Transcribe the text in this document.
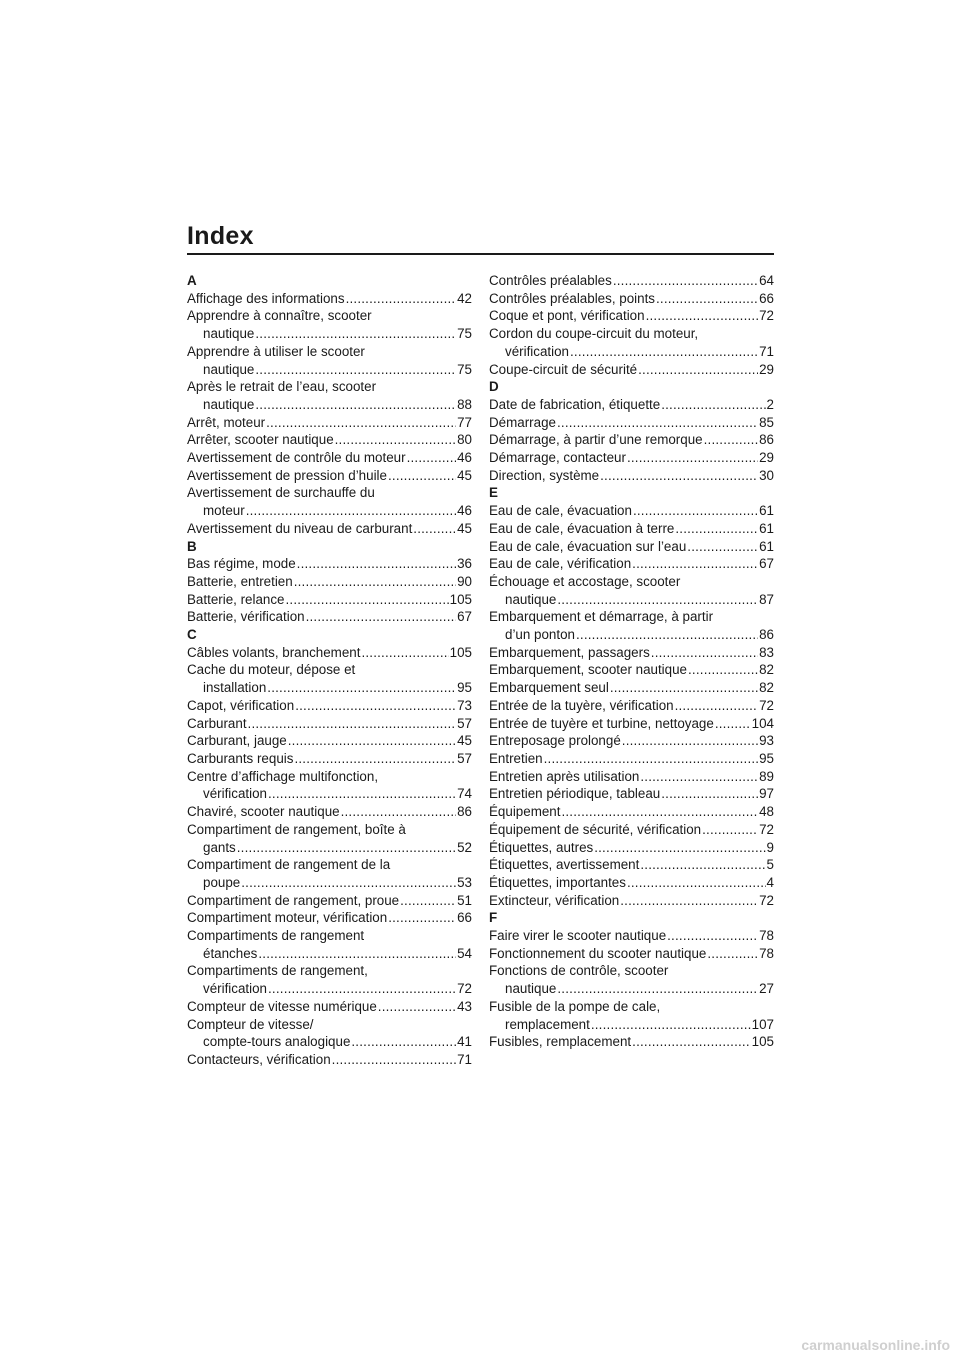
Index
A
Affichage des informations .....	42
Apprendre à connaître, scooter
nautique .....	75
Apprendre à utiliser le scooter
nautique .....	75
Après le retrait de l’eau, scooter
nautique .....	88
Arrêt, moteur .....	77
Arrêter, scooter nautique .....	80
Avertissement de contrôle du moteur .....	46
Avertissement de pression d’huile .....	45
Avertissement de surchauffe du
moteur .....	46
Avertissement du niveau de carburant .....	45
B
Bas régime, mode .....	36
Batterie, entretien .....	90
Batterie, relance .....	105
Batterie, vérification .....	67
C
Câbles volants, branchement .....	105
Cache du moteur, dépose et
installation .....	95
Capot, vérification .....	73
Carburant .....	57
Carburant, jauge .....	45
Carburants requis .....	57
Centre d’affichage multifonction,
vérification .....	74
Chaviré, scooter nautique .....	86
Compartiment de rangement, boîte à
gants .....	52
Compartiment de rangement de la
poupe .....	53
Compartiment de rangement, proue .....	51
Compartiment moteur, vérification .....	66
Compartiments de rangement
étanches .....	54
Compartiments de rangement,
vérification .....	72
Compteur de vitesse numérique .....	43
Compteur de vitesse/
compte-tours analogique .....	41
Contacteurs, vérification .....	71
Contrôles préalables .....	64
Contrôles préalables, points .....	66
Coque et pont, vérification .....	72
Cordon du coupe-circuit du moteur,
vérification .....	71
Coupe-circuit de sécurité .....	29
D
Date de fabrication, étiquette .....	2
Démarrage .....	85
Démarrage, à partir d’une remorque .....	86
Démarrage, contacteur .....	29
Direction, système .....	30
E
Eau de cale, évacuation .....	61
Eau de cale, évacuation à terre .....	61
Eau de cale, évacuation sur l’eau .....	61
Eau de cale, vérification .....	67
Échouage et accostage, scooter
nautique .....	87
Embarquement et démarrage, à partir
d’un ponton .....	86
Embarquement, passagers .....	83
Embarquement, scooter nautique .....	82
Embarquement seul .....	82
Entrée de la tuyère, vérification .....	72
Entrée de tuyère et turbine, nettoyage .....	104
Entreposage prolongé .....	93
Entretien .....	95
Entretien après utilisation .....	89
Entretien périodique, tableau .....	97
Équipement .....	48
Équipement de sécurité, vérification .....	72
Étiquettes, autres .....	9
Étiquettes, avertissement .....	5
Étiquettes, importantes .....	4
Extincteur, vérification .....	72
F
Faire virer le scooter nautique .....	78
Fonctionnement du scooter nautique .....	78
Fonctions de contrôle, scooter
nautique .....	27
Fusible de la pompe de cale,
remplacement .....	107
Fusibles, remplacement .....	105
carmanualsonline.info
